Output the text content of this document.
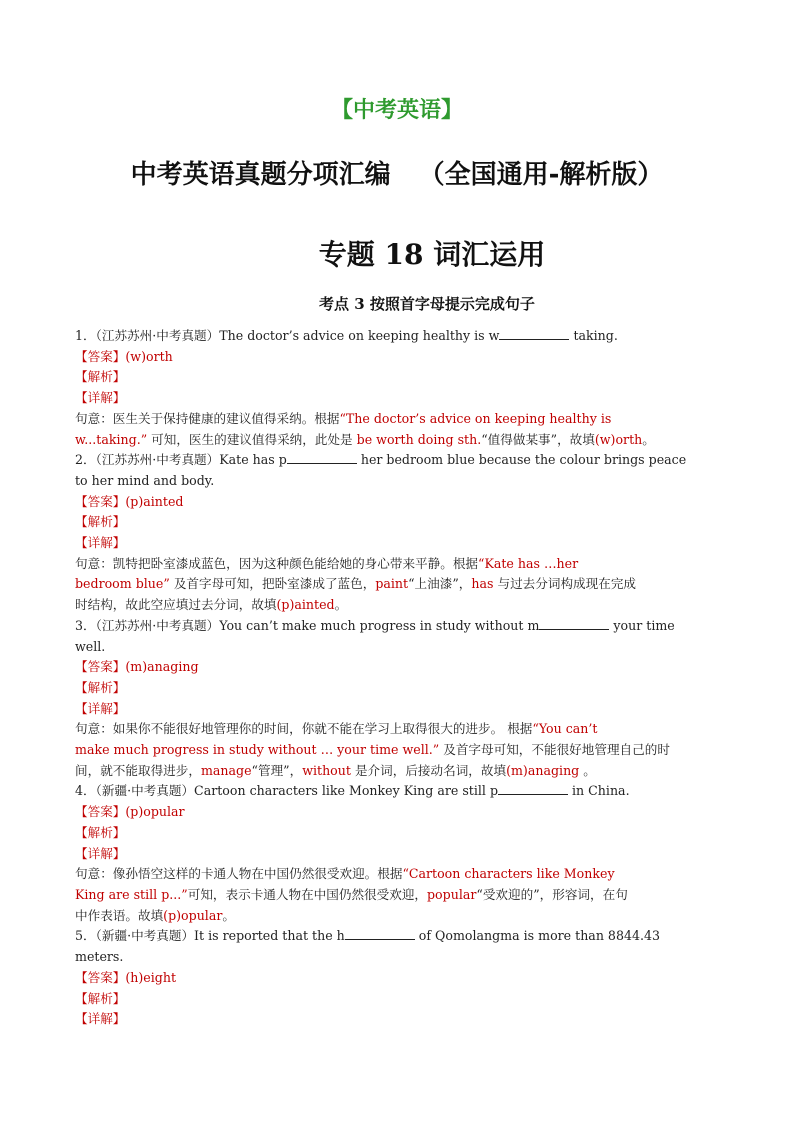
【中考英语】
中考英语真题分项汇编 （全国通用-解析版）
专题 18 词汇运用
考点 3 按照首字母提示完成句子
1．（江苏苏州·中考真题）The doctor’s advice on keeping healthy is w	taking.
【答案】(w)orth
【解析】
【详解】
句意：医生关于保持健康的建议值得采纳。根据“The doctor’s advice on keeping healthy is
w...taking.” 可知，医生的建议值得采纳，此处是 be worth doing sth.“值得做某事”，故填(w)orth。
2．（江苏苏州·中考真题）Kate has p	her bedroom blue because the colour brings peace
to her mind and body.
【答案】(p)ainted
【解析】
【详解】
句意：凯特把卧室漆成蓝色，因为这种颜色能给她的身心带来平静。根据“Kate has …her
bedroom blue” 及首字母可知，把卧室漆成了蓝色，paint“上油漆”，has 与过去分词构成现在完成
时结构，故此空应填过去分词，故填(p)ainted。
3．（江苏苏州·中考真题）You can’t make much progress in study without m	your time
well.
【答案】(m)anaging
【解析】
【详解】
句意：如果你不能很好地管理你的时间，你就不能在学习上取得很大的进步。 根据“You can’t
make much progress in study without … your time well.” 及首字母可知，不能很好地管理自己的时
间，就不能取得进步，manage“管理”，without 是介词，后接动名词，故填(m)anaging 。
4．（新疆·中考真题）Cartoon characters like Monkey King are still p	in China.
【答案】(p)opular
【解析】
【详解】
句意：像孙悟空这样的卡通人物在中国仍然很受欢迎。根据“Cartoon characters like Monkey
King are still p...”可知，表示卡通人物在中国仍然很受欢迎，popular“受欢迎的”，形容词，在句
中作表语。故填(p)opular。
5．（新疆·中考真题）It is reported that the h	of Qomolangma is more than 8844.43
meters.
【答案】(h)eight
【解析】
【详解】
